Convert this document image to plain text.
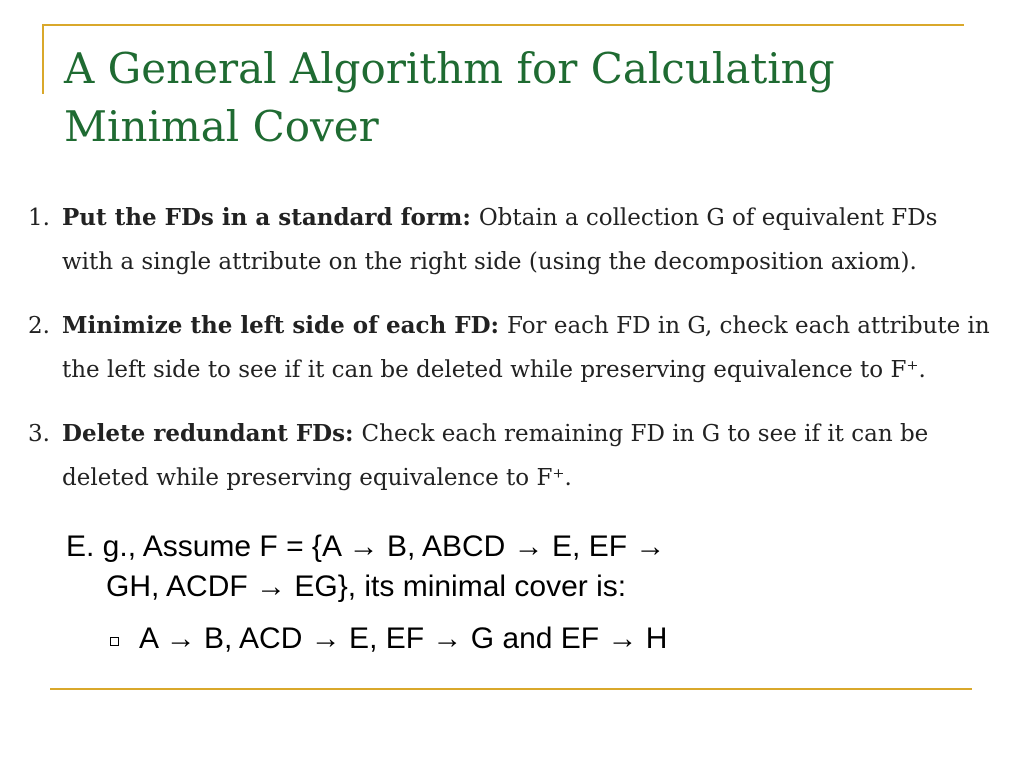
A General Algorithm for Calculating
Minimal Cover
1. Put the FDs in a standard form: Obtain a collection G of equivalent FDs
with a single attribute on the right side (using the decomposition axiom).
2. Minimize the left side of each FD: For each FD in G, check each attribute in
the left side to see if it can be deleted while preserving equivalence to F⁺.
3. Delete redundant FDs: Check each remaining FD in G to see if it can be
deleted while preserving equivalence to F⁺.

E. g., Assume F = {A → B, ABCD → E, EF →

GH, ACDF → EG}, its minimal cover is:

A → B, ACD → E, EF → G and EF → H
